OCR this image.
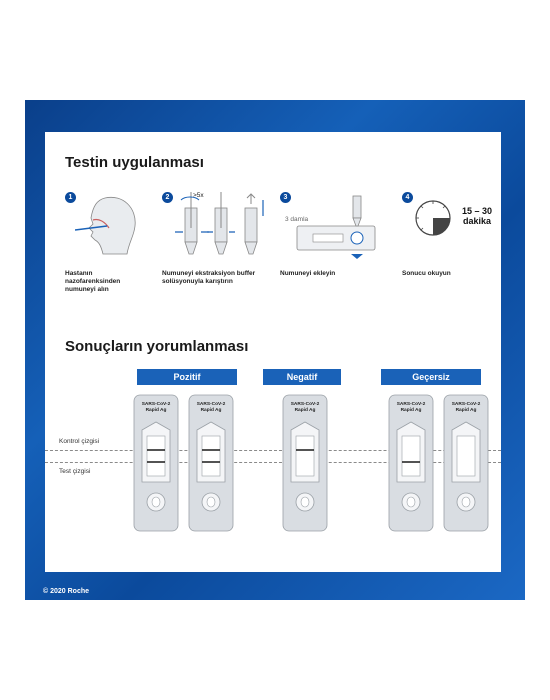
Testin uygulanması
1
Hastanın nazofarenksinden numuneyi alın
2	>5x
Numuneyi ekstraksiyon buffer solüsyonuyla karıştırın
3
3 damla
Numuneyi ekleyin
4
15 – 30 dakika
Sonucu okuyun
Sonuçların yorumlanması
Pozitif	Negatif	Geçersiz
Kontrol çizgisi
Test çizgisi
SARS-CoV-2
Rapid Ag
SARS-CoV-2
Rapid Ag
SARS-CoV-2
Rapid Ag
SARS-CoV-2
Rapid Ag
SARS-CoV-2
Rapid Ag
© 2020 Roche
